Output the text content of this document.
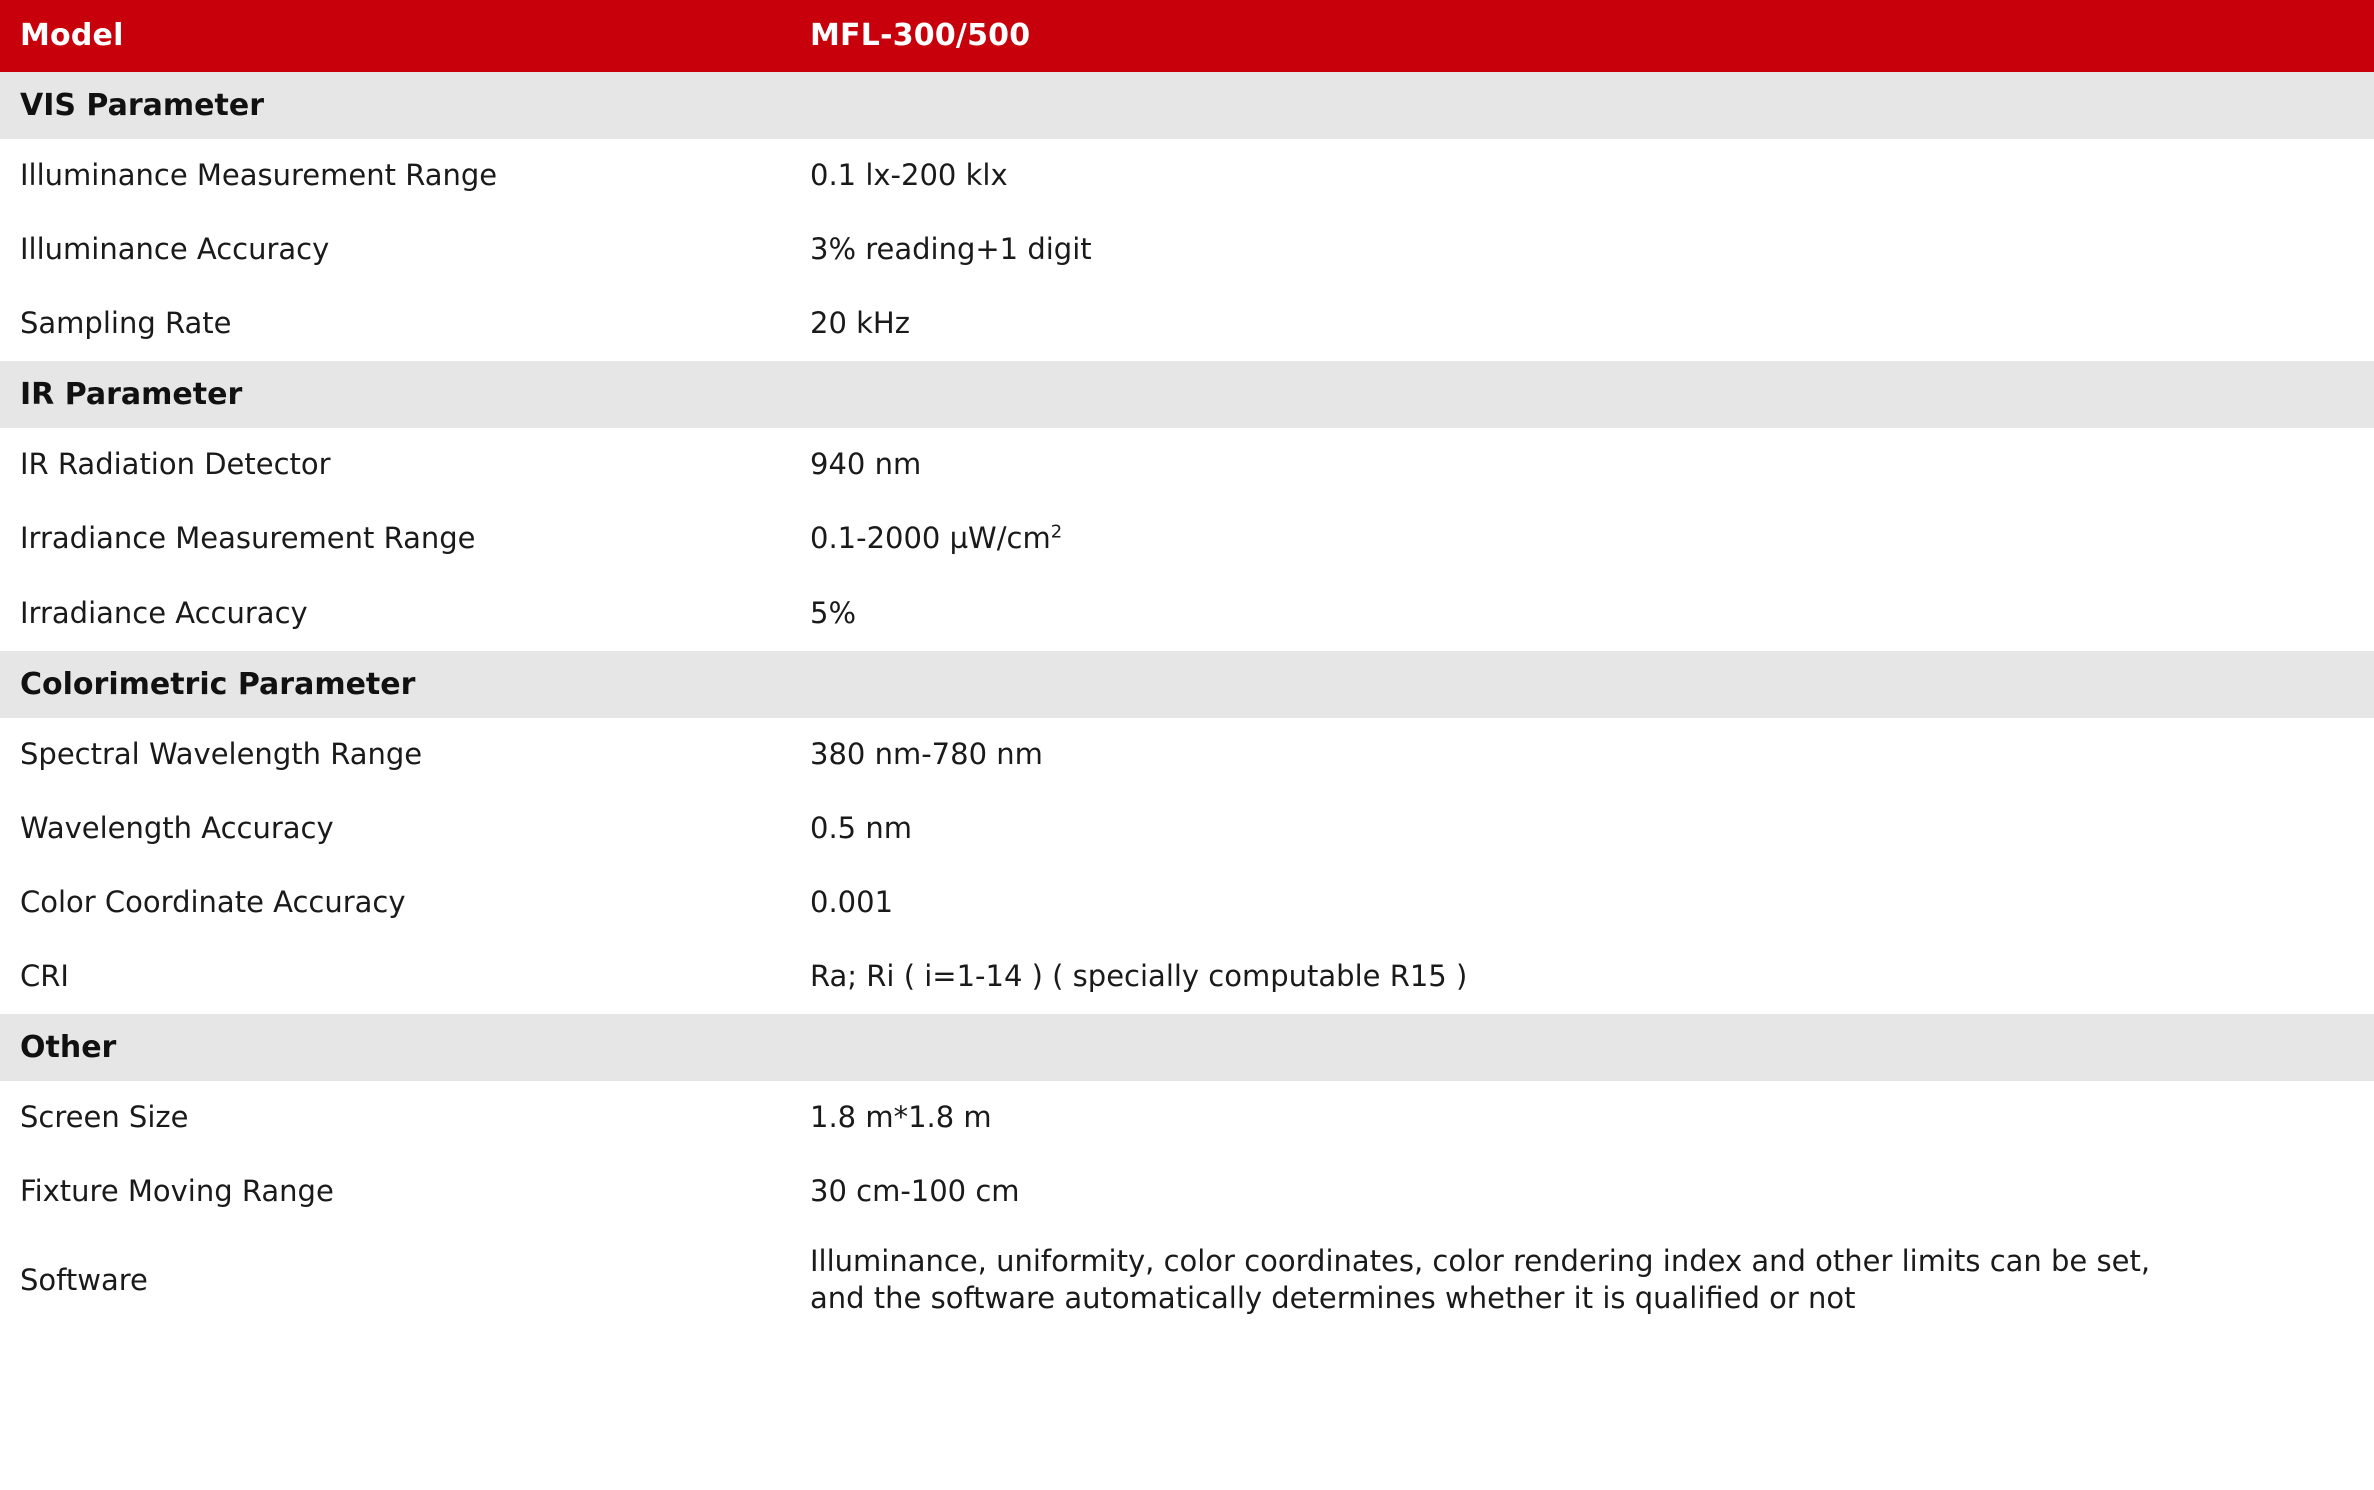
Model	MFL-300/500
VIS Parameter	
Illuminance Measurement Range	0.1 lx-200 klx
Illuminance Accuracy	3% reading+1 digit
Sampling Rate	20 kHz
IR Parameter	
IR Radiation Detector	940 nm
Irradiance Measurement Range	0.1-2000 $\mu W/cm^2$
Irradiance Accuracy	5%
Colorimetric Parameter	
Spectral Wavelength Range	380 nm-780 nm
Wavelength Accuracy	0.5 nm
Color Coordinate Accuracy	0.001
CRI	Ra; Ri ( i=1-14 ) ( specially computable R15 )
Other	
Screen Size	1.8 m*1.8 m
Fixture Moving Range	30 cm-100 cm
Software	Illuminance, uniformity, color coordinates, color rendering index and other limits can be set,
and the software automatically determines whether it is qualified or not
